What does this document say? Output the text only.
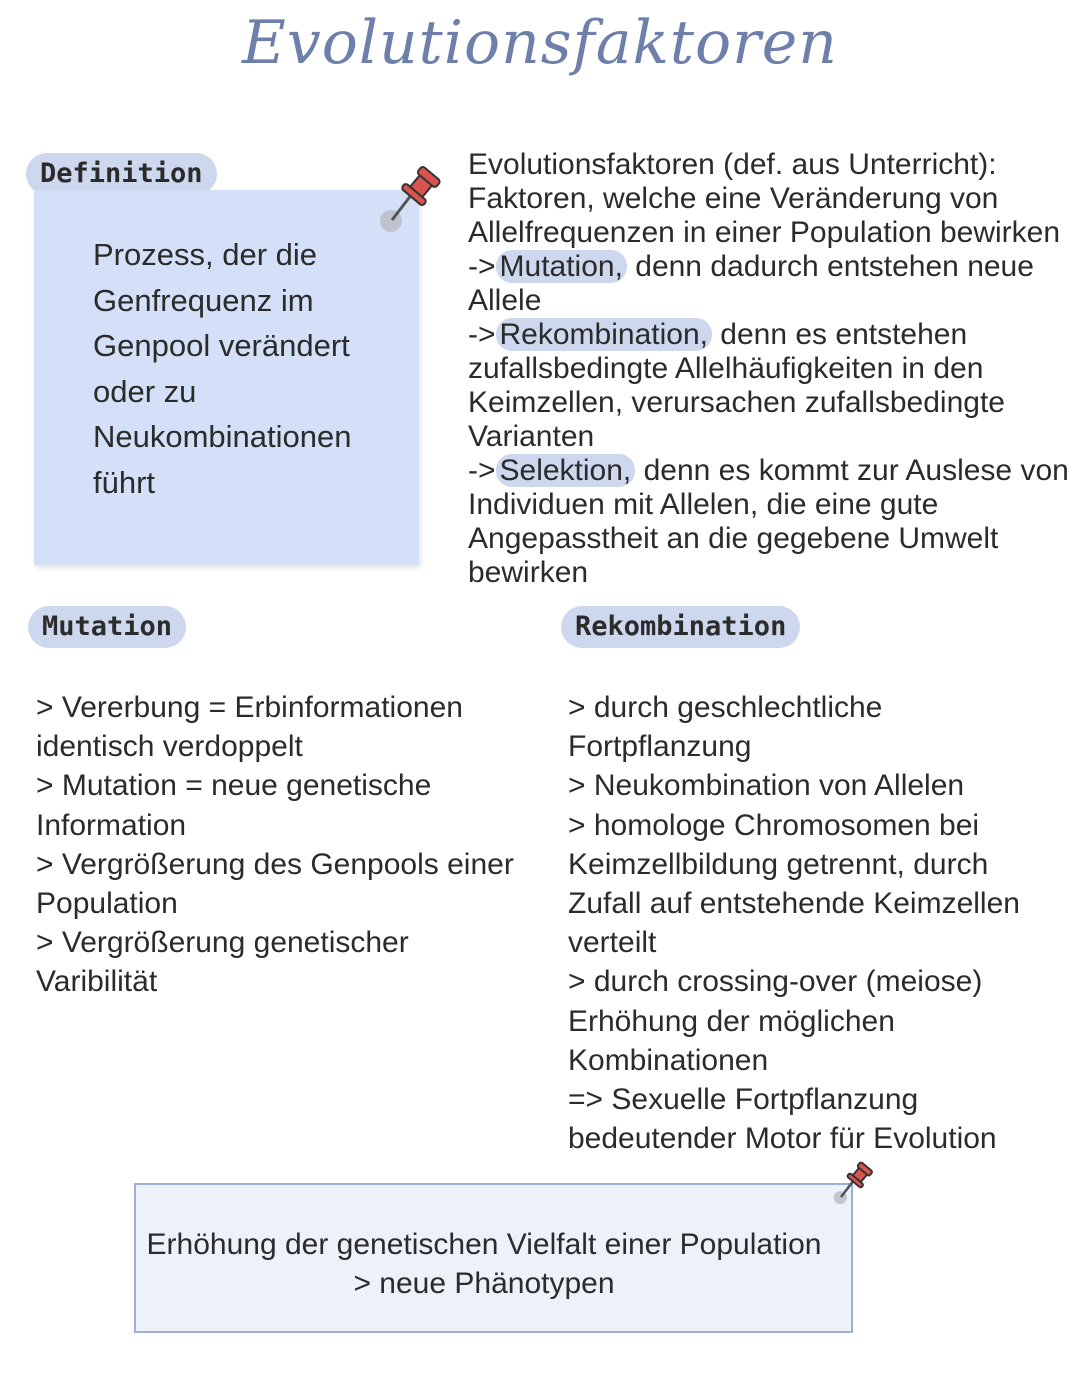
Evolutionsfaktoren
Definition
Prozess, der die
Genfrequenz im
Genpool verändert
oder zu
Neukombinationen
führt
Evolutionsfaktoren (def. aus Unterricht):
Faktoren, welche eine Veränderung von
Allelfrequenzen in einer Population bewirken
-> Mutation, denn dadurch entstehen neue
Allele
-> Rekombination, denn es entstehen
zufallsbedingte Allelhäufigkeiten in den
Keimzellen, verursachen zufallsbedingte
Varianten
-> Selektion, denn es kommt zur Auslese von
Individuen mit Allelen, die eine gute
Angepasstheit an die gegebene Umwelt
bewirken
Mutation
> Vererbung = Erbinformationen
identisch verdoppelt
> Mutation = neue genetische
Information
> Vergrößerung des Genpools einer
Population
> Vergrößerung genetischer
Varibilität
Rekombination
> durch geschlechtliche
Fortpflanzung
> Neukombination von Allelen
> homologe Chromosomen bei
Keimzellbildung getrennt, durch
Zufall auf entstehende Keimzellen
verteilt
> durch crossing-over (meiose)
Erhöhung der möglichen
Kombinationen
=> Sexuelle Fortpflanzung
bedeutender Motor für Evolution
Erhöhung der genetischen Vielfalt einer Population
> neue Phänotypen
